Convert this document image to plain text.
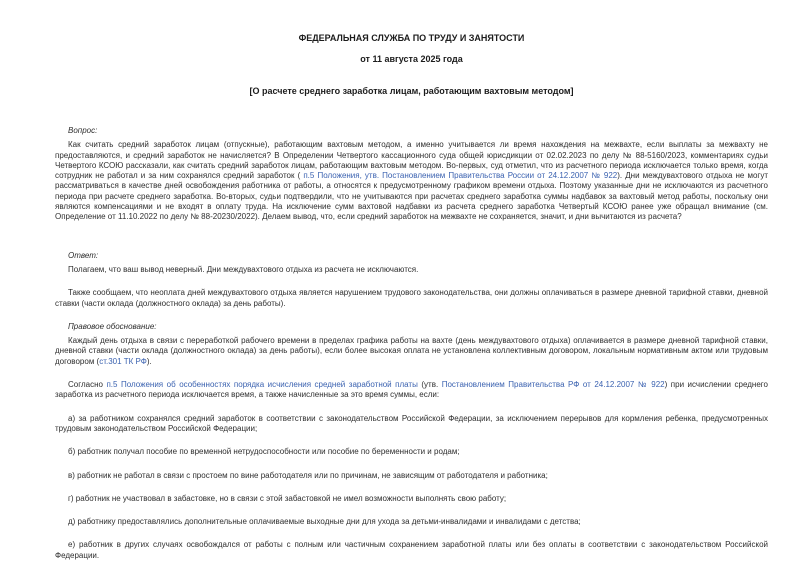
ФЕДЕРАЛЬНАЯ СЛУЖБА ПО ТРУДУ И ЗАНЯТОСТИ
от 11 августа 2025 года
[О расчете среднего заработка лицам, работающим вахтовым методом]

Вопрос:

Как считать средний заработок лицам (отпускные), работающим вахтовым методом, а именно учитывается ли время нахождения на межвахте, если выплаты за межвахту не предоставляются, и средний заработок не начисляется? В Определении Четвертого кассационного суда общей юрисдикции от 02.02.2023 по делу № 88-5160/2023, комментариях судьи Четвертого КСОЮ рассказали, как считать средний заработок лицам, работающим вахтовым методом. Во-первых, суд отметил, что из расчетного периода исключается только время, когда сотрудник не работал и за ним сохранялся средний заработок ( п.5 Положения, утв. Постановлением Правительства России от 24.12.2007 № 922). Дни междувахтового отдыха не могут рассматриваться в качестве дней освобождения работника от работы, а относятся к предусмотренному графиком времени отдыха. Поэтому указанные дни не исключаются из расчетного периода при расчете среднего заработка. Во-вторых, судьи подтвердили, что не учитываются при расчетах среднего заработка суммы надбавок за вахтовый метод работы, поскольку они являются компенсациями и не входят в оплату труда. На исключение сумм вахтовой надбавки из расчета среднего заработка Четвертый КСОЮ ранее уже обращал внимание (см. Определение от 11.10.2022 по делу № 88-20230/2022). Делаем вывод, что, если средний заработок на межвахте не сохраняется, значит, и дни вычитаются из расчета?

Ответ:

Полагаем, что ваш вывод неверный. Дни междувахтового отдыха из расчета не исключаются.

Также сообщаем, что неоплата дней междувахтового отдыха является нарушением трудового законодательства, они должны оплачиваться в размере дневной тарифной ставки, дневной ставки (части оклада (должностного оклада) за день работы).

Правовое обоснование:

Каждый день отдыха в связи с переработкой рабочего времени в пределах графика работы на вахте (день междувахтового отдыха) оплачивается в размере дневной тарифной ставки, дневной ставки (части оклада (должностного оклада) за день работы), если более высокая оплата не установлена коллективным договором, локальным нормативным актом или трудовым договором (ст.301 ТК РФ).

Согласно п.5 Положения об особенностях порядка исчисления средней заработной платы (утв. Постановлением Правительства РФ от 24.12.2007 № 922) при исчислении среднего заработка из расчетного периода исключается время, а также начисленные за это время суммы, если:

а) за работником сохранялся средний заработок в соответствии с законодательством Российской Федерации, за исключением перерывов для кормления ребенка, предусмотренных трудовым законодательством Российской Федерации;

б) работник получал пособие по временной нетрудоспособности или пособие по беременности и родам;

в) работник не работал в связи с простоем по вине работодателя или по причинам, не зависящим от работодателя и работника;

г) работник не участвовал в забастовке, но в связи с этой забастовкой не имел возможности выполнять свою работу;

д) работнику предоставлялись дополнительные оплачиваемые выходные дни для ухода за детьми-инвалидами и инвалидами с детства;

е) работник в других случаях освобождался от работы с полным или частичным сохранением заработной платы или без оплаты в соответствии с законодательством Российской Федерации.
